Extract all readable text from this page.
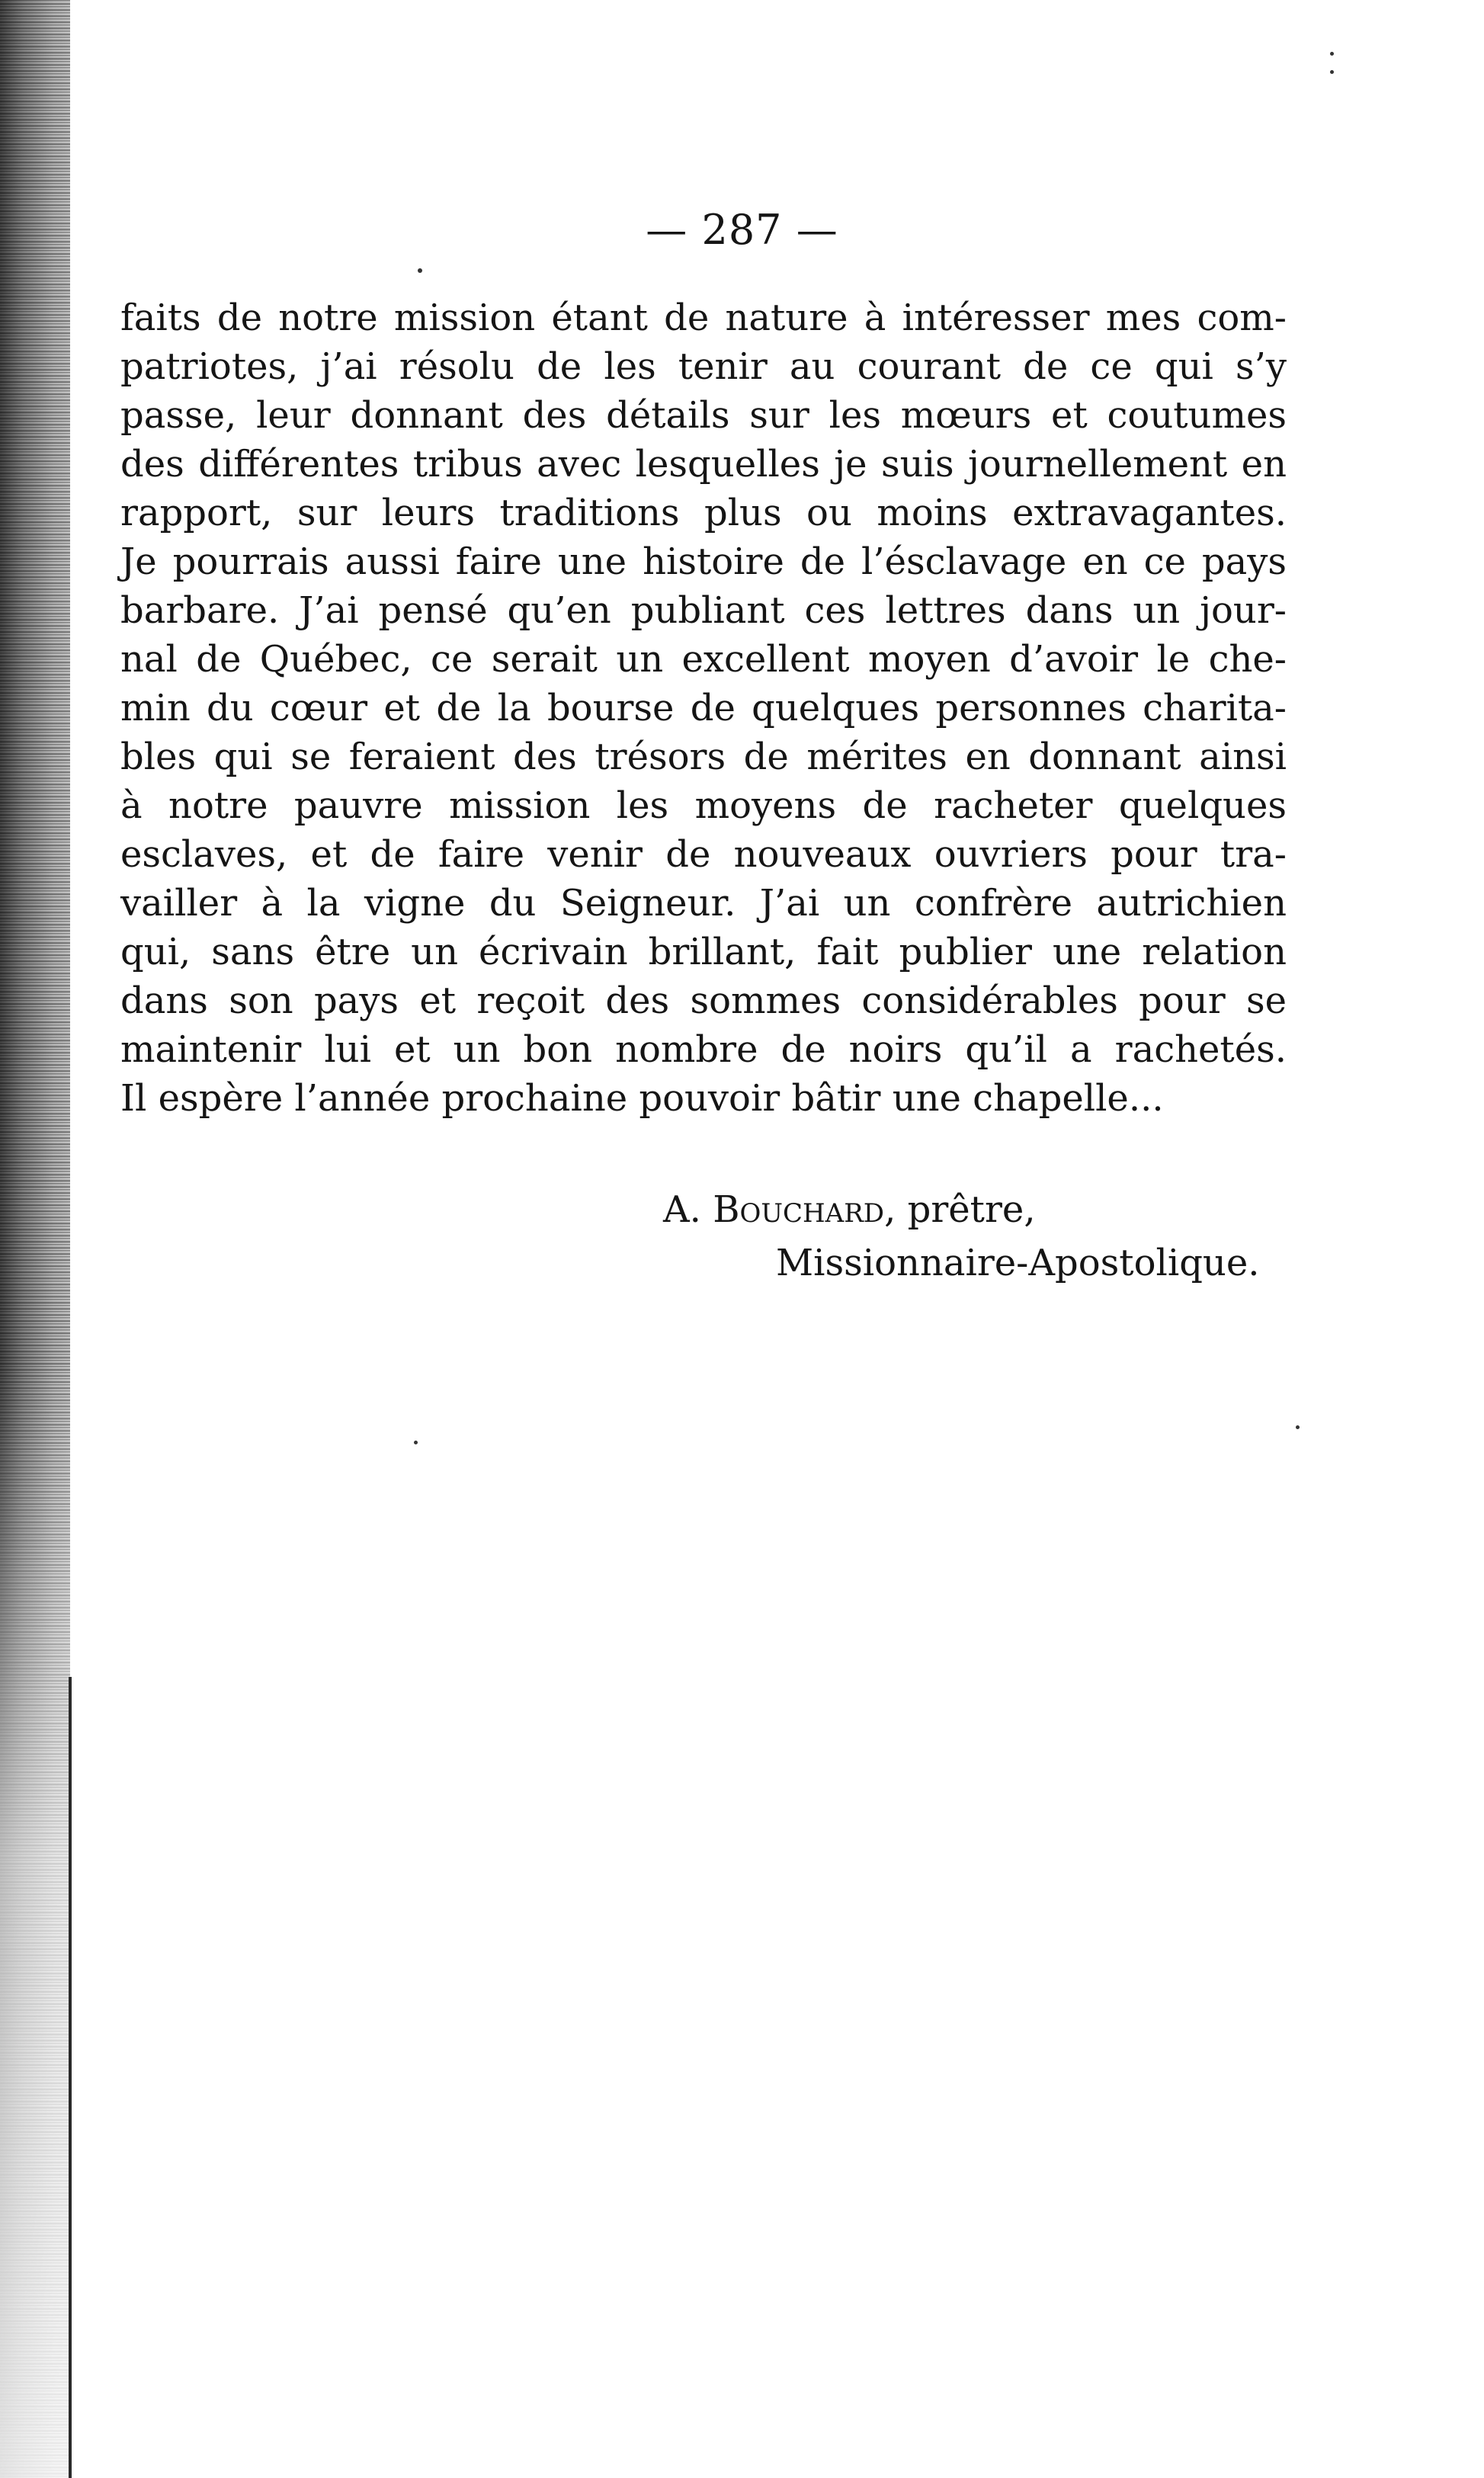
— 287 —
faits de notre mission étant de nature à intéresser mes com-
patriotes, j’ai résolu de les tenir au courant de ce qui s’y
passe, leur donnant des détails sur les mœurs et coutumes
des différentes tribus avec lesquelles je suis journellement en
rapport, sur leurs traditions plus ou moins extravagantes.
Je pourrais aussi faire une histoire de l’ésclavage en ce pays
barbare. J’ai pensé qu’en publiant ces lettres dans un jour-
nal de Québec, ce serait un excellent moyen d’avoir le che-
min du cœur et de la bourse de quelques personnes charita-
bles qui se feraient des trésors de mérites en donnant ainsi
à notre pauvre mission les moyens de racheter quelques
esclaves, et de faire venir de nouveaux ouvriers pour tra-
vailler à la vigne du Seigneur. J’ai un confrère autrichien
qui, sans être un écrivain brillant, fait publier une relation
dans son pays et reçoit des sommes considérables pour se
maintenir lui et un bon nombre de noirs qu’il a rachetés.
Il espère l’année prochaine pouvoir bâtir une chapelle...
A. Bouchard, prêtre,
Missionnaire-Apostolique.
